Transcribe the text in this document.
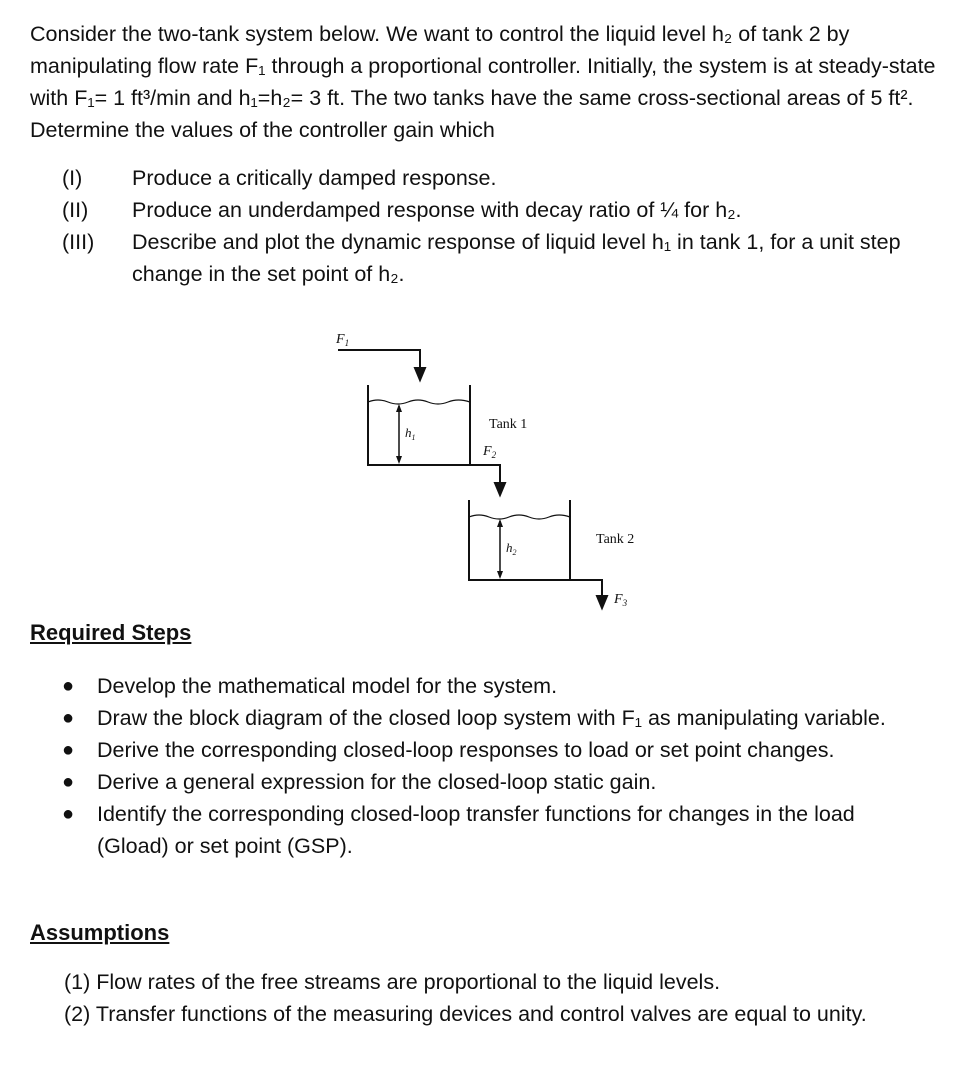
Consider the two-tank system below. We want to control the liquid level h₂ of tank 2 by manipulating flow rate F₁ through a proportional controller. Initially, the system is at steady-state with F₁= 1 ft³/min and h₁=h₂= 3 ft. The two tanks have the same cross-sectional areas of 5 ft². Determine the values of the controller gain which
(I)	Produce a critically damped response.
(II)	Produce an underdamped response with decay ratio of ¼ for h₂.
(III)	Describe and plot the dynamic response of liquid level h₁ in tank 1, for a unit step change in the set point of h₂.
$F_1$
$h_1$
Tank 1
$F_2$
$h_2$
Tank 2
$F_3$
Required Steps
●	Develop the mathematical model for the system.
●	Draw the block diagram of the closed loop system with F₁ as manipulating variable.
●	Derive the corresponding closed-loop responses to load or set point changes.
●	Derive a general expression for the closed-loop static gain.
●	Identify the corresponding closed-loop transfer functions for changes in the load (Gload) or set point (GSP).
Assumptions
(1) Flow rates of the free streams are proportional to the liquid levels.
(2) Transfer functions of the measuring devices and control valves are equal to unity.
